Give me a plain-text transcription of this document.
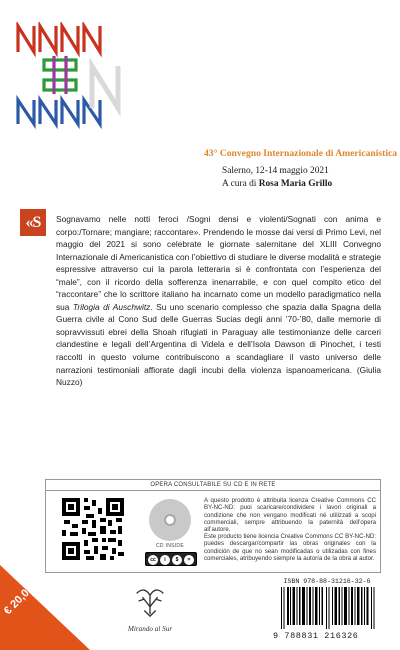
43° Convegno Internazionale di Americanistica
Salerno, 12-14 maggio 2021
A cura di Rosa Maria Grillo
«S	Sognavamo nelle notti feroci /Sogni densi e violenti/Sognati con anima e corpo:/Tornare; mangiare; raccontare». Prendendo le mosse dai versi di Primo Levi, nel maggio del 2021 si sono celebrate le giornate salernitane del XLIII Convegno Internazionale di Americanistica con l’obiettivo di studiare le diverse modalità e strategie espressive attraverso cui la parola letteraria si è confrontata con l’esperienza del “male”, con il ricordo della sofferenza inenarrabile, e con quel compito etico del “raccontare” che lo scrittore italiano ha incarnato come un modello paradigmatico nella sua Trilogia di Auschwitz. Su uno scenario complesso che spazia dalla Spagna della Guerra civile al Cono Sud delle Guerras Sucias degli anni ’70-’80, dalle memorie di sopravvissuti ebrei della Shoah rifugiati in Paraguay alle testimonianze delle carceri clandestine e legali dell’Argentina di Videla e dell’Isola Dawson di Pinochet, i testi raccolti in questo volume contribuiscono a scandagliare il vasto universo delle narrazioni testimoniali affiorate dagli incubi della violenza ispanoamericana. (Giulia Nuzzo)
OPERA CONSULTABILE SU CD E IN RETE
CD INSIDE
cc	i	$	=
A questo prodotto è attribuita licenza Creative Commons CC BY-NC-ND: puoi scaricare/condividere i lavori originali a condizione che non vengano modificati né utilizzati a scopi commerciali, sempre attribuendo la paternità dell’opera all’autore.
Este producto tiene licencia Creative Commons CC BY-NC-ND: puedes descargar/compartir las obras originales con la condición de que no sean modificadas o utilizadas con fines comerciales, atribuyendo siempre la autoría de la obra al autor.
€ 20,00
Mirando al Sur
ISBN 978-88-31216-32-6
9 788831 216326
